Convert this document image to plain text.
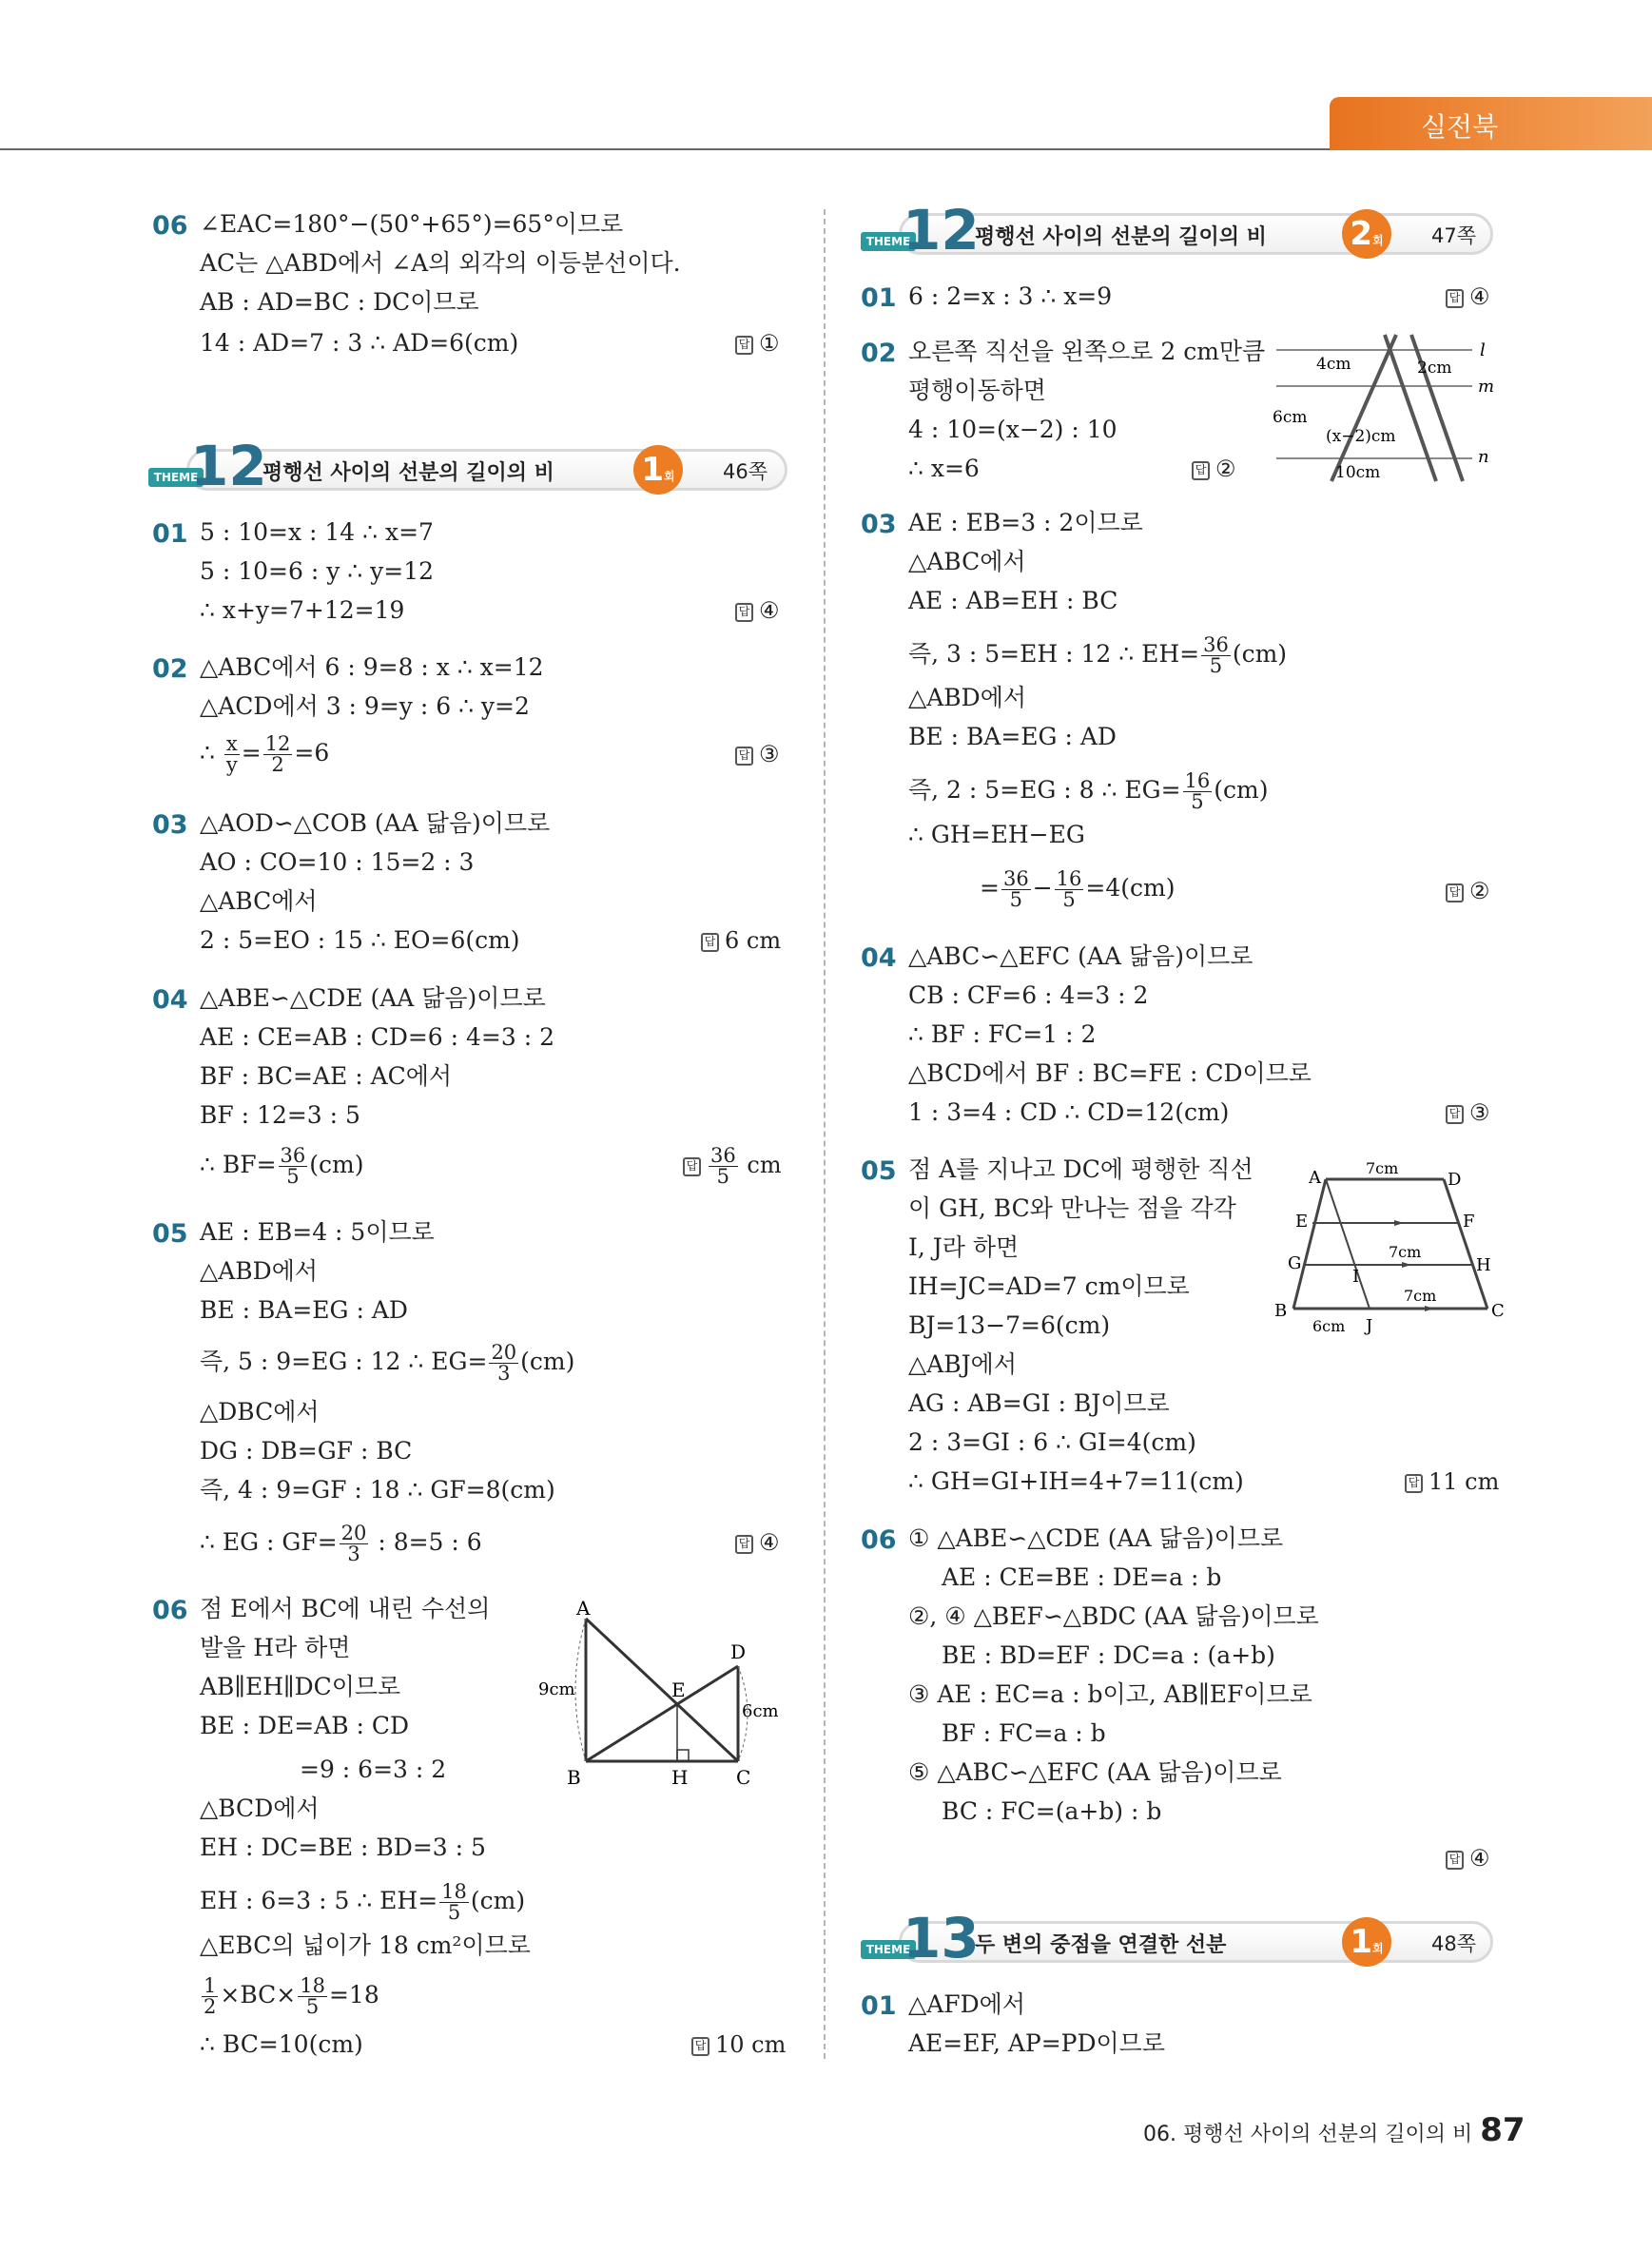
실전북
06 ∠EAC=180°−(50°+65°)=65°이므로
AC는 △ABD에서 ∠A의 외각의 이등분선이다.
AB : AD=BC : DC이므로
14 : AD=7 : 3 ∴ AD=6(cm)	답 ①
THEME
12
평행선 사이의 선분의 길이의 비	1회	46쪽
01 5 : 10=x : 14 ∴ x=7
5 : 10=6 : y ∴ y=12
∴ x+y=7+12=19	답 ④
02 △ABC에서 6 : 9=8 : x ∴ x=12
△ACD에서 3 : 9=y : 6 ∴ y=2
∴ $\frac{x}{y} = \frac{12}{2} =6$	답 ③
03 △AOD∽△COB (AA 닮음)이므로
AO : CO=10 : 15=2 : 3
△ABC에서
2 : 5=EO : 15 ∴ EO=6(cm)	답 6 cm
04 △ABE∽△CDE (AA 닮음)이므로
AE : CE=AB : CD=6 : 4=3 : 2
BF : BC=AE : AC에서
BF : 12=3 : 5
∴ $BF= \frac{36}{5} (cm)$	답 $\frac{36}{5}$ cm
05 AE : EB=4 : 5이므로
△ABD에서
BE : BA=EG : AD
즉, 5 : 9=EG : 12 ∴ $EG= \frac{20}{3} (cm)$
△DBC에서
DG : DB=GF : BC
즉, 4 : 9=GF : 18 ∴ GF=8(cm)
∴ EG : $GF= \frac{20}{3}$ : 8=5 : 6	답 ④
06 점 E에서 BC에 내린 수선의
발을 H라 하면
AB∥EH∥DC이므로
BE : DE=AB : CD
=9 : 6=3 : 2
△BCD에서
EH : DC=BE : BD=3 : 5
EH : 6=3 : 5 ∴ $EH= \frac{18}{5} (cm)$
△EBC의 넓이가 18 cm²이므로
$\frac{1}{2} \times BC\times \frac{18}{5} =18$
∴ BC=10(cm)	답 10 cm
A
B	C
D
E
H
9cm
6cm
THEME
12
평행선 사이의 선분의 길이의 비	2회	47쪽
01 6 : 2=x : 3 ∴ x=9	답 ④
02 오른쪽 직선을 왼쪽으로 2 cm만큼
평행이동하면
4 : 10=(x−2) : 10
∴ x=6	답 ②
l
m
n
4cm	2cm
6cm
(x−2)cm
10cm
03 AE : EB=3 : 2이므로
△ABC에서
AE : AB=EH : BC
즉, 3 : 5=EH : 12 ∴ $EH= \frac{36}{5} (cm)$
△ABD에서
BE : BA=EG : AD
즉, 2 : 5=EG : 8 ∴ $EG= \frac{16}{5} (cm)$
∴ GH=EH−EG
= $\frac{36}{5} - \frac{16}{5} =4(cm)$	답 ②
04 △ABC∽△EFC (AA 닮음)이므로
CB : CF=6 : 4=3 : 2
∴ BF : FC=1 : 2
△BCD에서 BF : BC=FE : CD이므로
1 : 3=4 : CD ∴ CD=12(cm)	답 ③
05 점 A를 지나고 DC에 평행한 직선
이 GH, BC와 만나는 점을 각각
I, J라 하면
IH=JC=AD=7 cm이므로
BJ=13−7=6(cm)
△ABJ에서
AG : AB=GI : BJ이므로
2 : 3=GI : 6 ∴ GI=4(cm)
∴ GH=GI+IH=4+7=11(cm)	답 11 cm
A	D
E	F
G	H
I
B
J
C
7cm
7cm
7cm
6cm
06 ① △ABE∽△CDE (AA 닮음)이므로
AE : CE=BE : DE=a : b
②, ④ △BEF∽△BDC (AA 닮음)이므로
BE : BD=EF : DC=a : (a+b)
③ AE : EC=a : b이고, AB∥EF이므로
BF : FC=a : b
⑤ △ABC∽△EFC (AA 닮음)이므로
BC : FC=(a+b) : b
답 ④
THEME
13
두 변의 중점을 연결한 선분	1회	48쪽
01 △AFD에서
AE=EF, AP=PD이므로
06. 평행선 사이의 선분의 길이의 비 87
